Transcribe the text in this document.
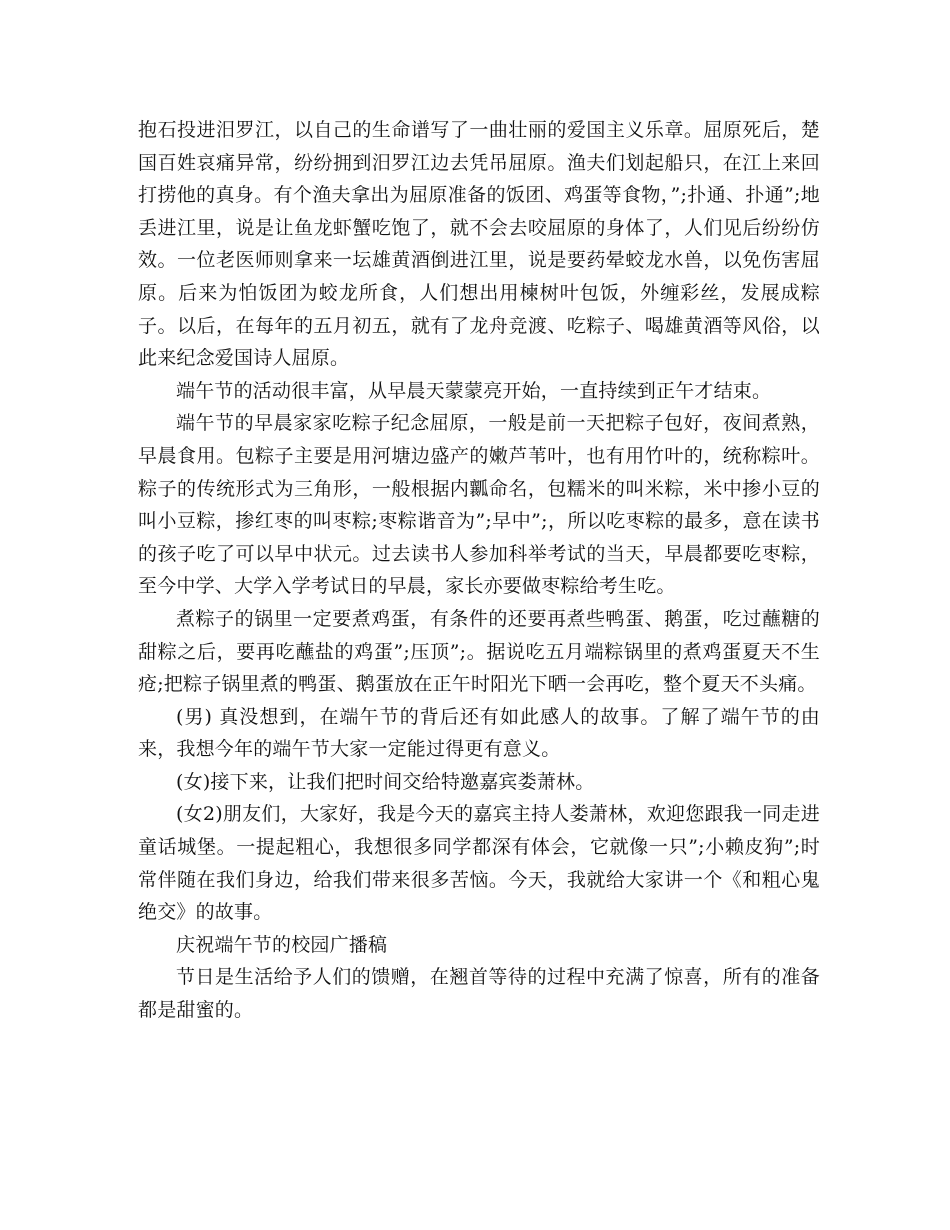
抱石投进汨罗江，以自己的生命谱写了一曲壮丽的爱国主义乐章。屈原死后，楚国百姓哀痛异常，纷纷拥到汨罗江边去凭吊屈原。渔夫们划起船只，在江上来回打捞他的真身。有个渔夫拿出为屈原准备的饭团、鸡蛋等食物，”;扑通、扑通”;地丢进江里，说是让鱼龙虾蟹吃饱了，就不会去咬屈原的身体了，人们见后纷纷仿效。一位老医师则拿来一坛雄黄酒倒进江里，说是要药晕蛟龙水兽，以免伤害屈原。后来为怕饭团为蛟龙所食，人们想出用楝树叶包饭，外缠彩丝，发展成粽子。以后，在每年的五月初五，就有了龙舟竞渡、吃粽子、喝雄黄酒等风俗，以此来纪念爱国诗人屈原。

端午节的活动很丰富，从早晨天蒙蒙亮开始，一直持续到正午才结束。

端午节的早晨家家吃粽子纪念屈原，一般是前一天把粽子包好，夜间煮熟，早晨食用。包粽子主要是用河塘边盛产的嫩芦苇叶，也有用竹叶的，统称粽叶。粽子的传统形式为三角形，一般根据内瓤命名，包糯米的叫米粽，米中掺小豆的叫小豆粽，掺红枣的叫枣粽;枣粽谐音为”;早中”;，所以吃枣粽的最多，意在读书的孩子吃了可以早中状元。过去读书人参加科举考试的当天，早晨都要吃枣粽，至今中学、大学入学考试日的早晨，家长亦要做枣粽给考生吃。

煮粽子的锅里一定要煮鸡蛋，有条件的还要再煮些鸭蛋、鹅蛋，吃过蘸糖的甜粽之后，要再吃蘸盐的鸡蛋”;压顶”;。据说吃五月端粽锅里的煮鸡蛋夏天不生疮;把粽子锅里煮的鸭蛋、鹅蛋放在正午时阳光下晒一会再吃，整个夏天不头痛。

(男) 真没想到，在端午节的背后还有如此感人的故事。了解了端午节的由来，我想今年的端午节大家一定能过得更有意义。

(女)接下来，让我们把时间交给特邀嘉宾娄萧林。

(女2)朋友们，大家好，我是今天的嘉宾主持人娄萧林，欢迎您跟我一同走进童话城堡。一提起粗心，我想很多同学都深有体会，它就像一只”;小赖皮狗”;时常伴随在我们身边，给我们带来很多苦恼。今天，我就给大家讲一个《和粗心鬼绝交》的故事。

庆祝端午节的校园广播稿

节日是生活给予人们的馈赠，在翘首等待的过程中充满了惊喜，所有的准备都是甜蜜的。
